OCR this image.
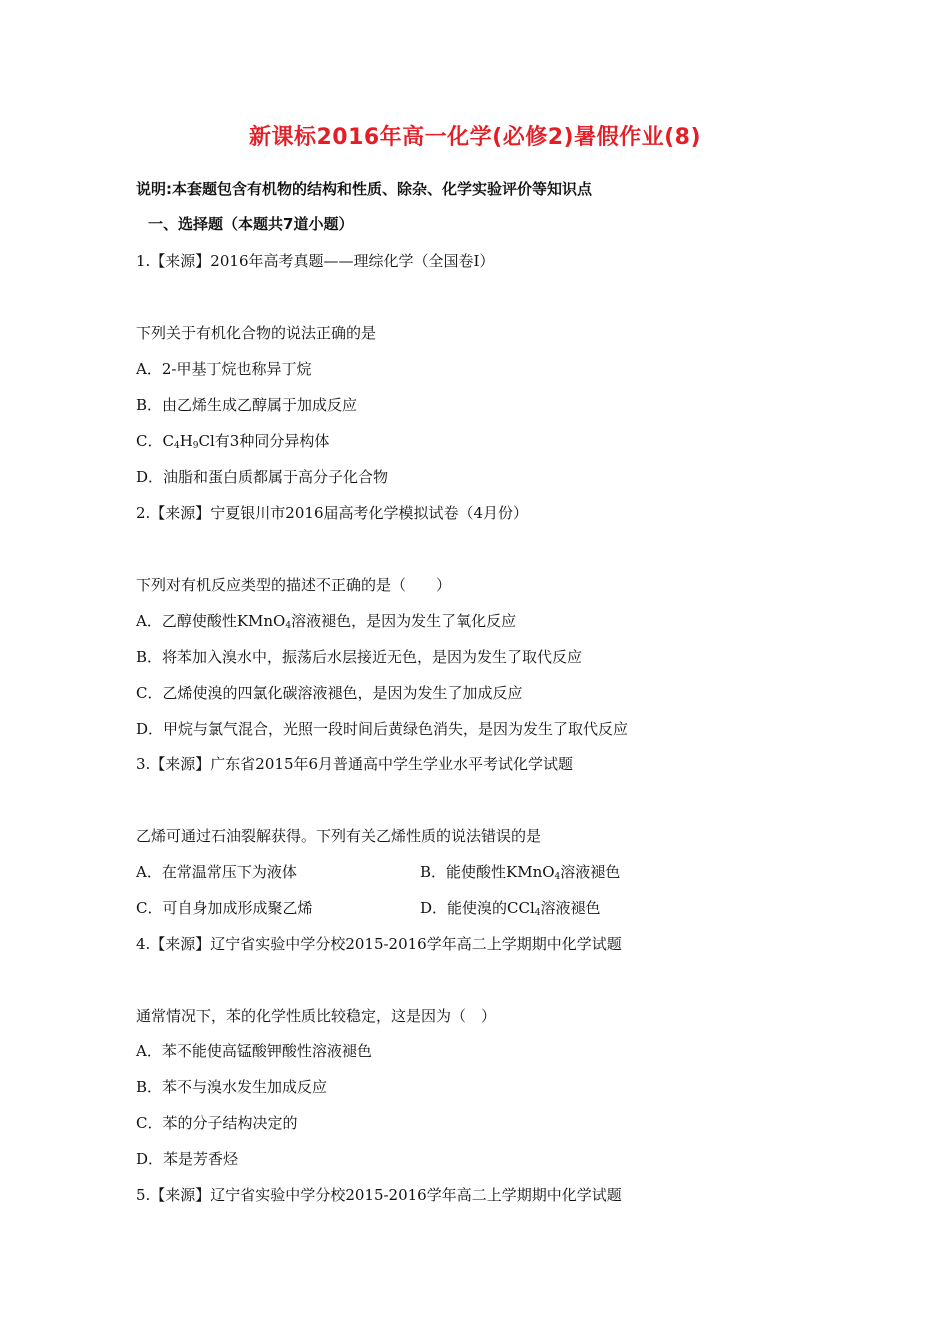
新课标2016年高一化学(必修2)暑假作业(8)
说明:本套题包含有机物的结构和性质、除杂、化学实验评价等知识点
一、选择题（本题共7道小题）
1.【来源】2016年高考真题——理综化学（全国卷Ⅰ）
下列关于有机化合物的说法正确的是
A．2-甲基丁烷也称异丁烷
B．由乙烯生成乙醇属于加成反应
C．$C_4H_9Cl$有3种同分异构体
D．油脂和蛋白质都属于高分子化合物
2.【来源】宁夏银川市2016届高考化学模拟试卷（4月份）
下列对有机反应类型的描述不正确的是（　　）
A．乙醇使酸性KMnO$_4$溶液褪色，是因为发生了氧化反应
B．将苯加入溴水中，振荡后水层接近无色，是因为发生了取代反应
C．乙烯使溴的四氯化碳溶液褪色，是因为发生了加成反应
D．甲烷与氯气混合，光照一段时间后黄绿色消失，是因为发生了取代反应
3.【来源】广东省2015年6月普通高中学生学业水平考试化学试题
乙烯可通过石油裂解获得。下列有关乙烯性质的说法错误的是
A．在常温常压下为液体	B．能使酸性KMnO$_4$溶液褪色
C．可自身加成形成聚乙烯	D．能使溴的CCl$_4$溶液褪色
4.【来源】辽宁省实验中学分校2015-2016学年高二上学期期中化学试题
通常情况下，苯的化学性质比较稳定，这是因为（　）
A．苯不能使高锰酸钾酸性溶液褪色
B．苯不与溴水发生加成反应
C．苯的分子结构决定的
D．苯是芳香烃
5.【来源】辽宁省实验中学分校2015-2016学年高二上学期期中化学试题
